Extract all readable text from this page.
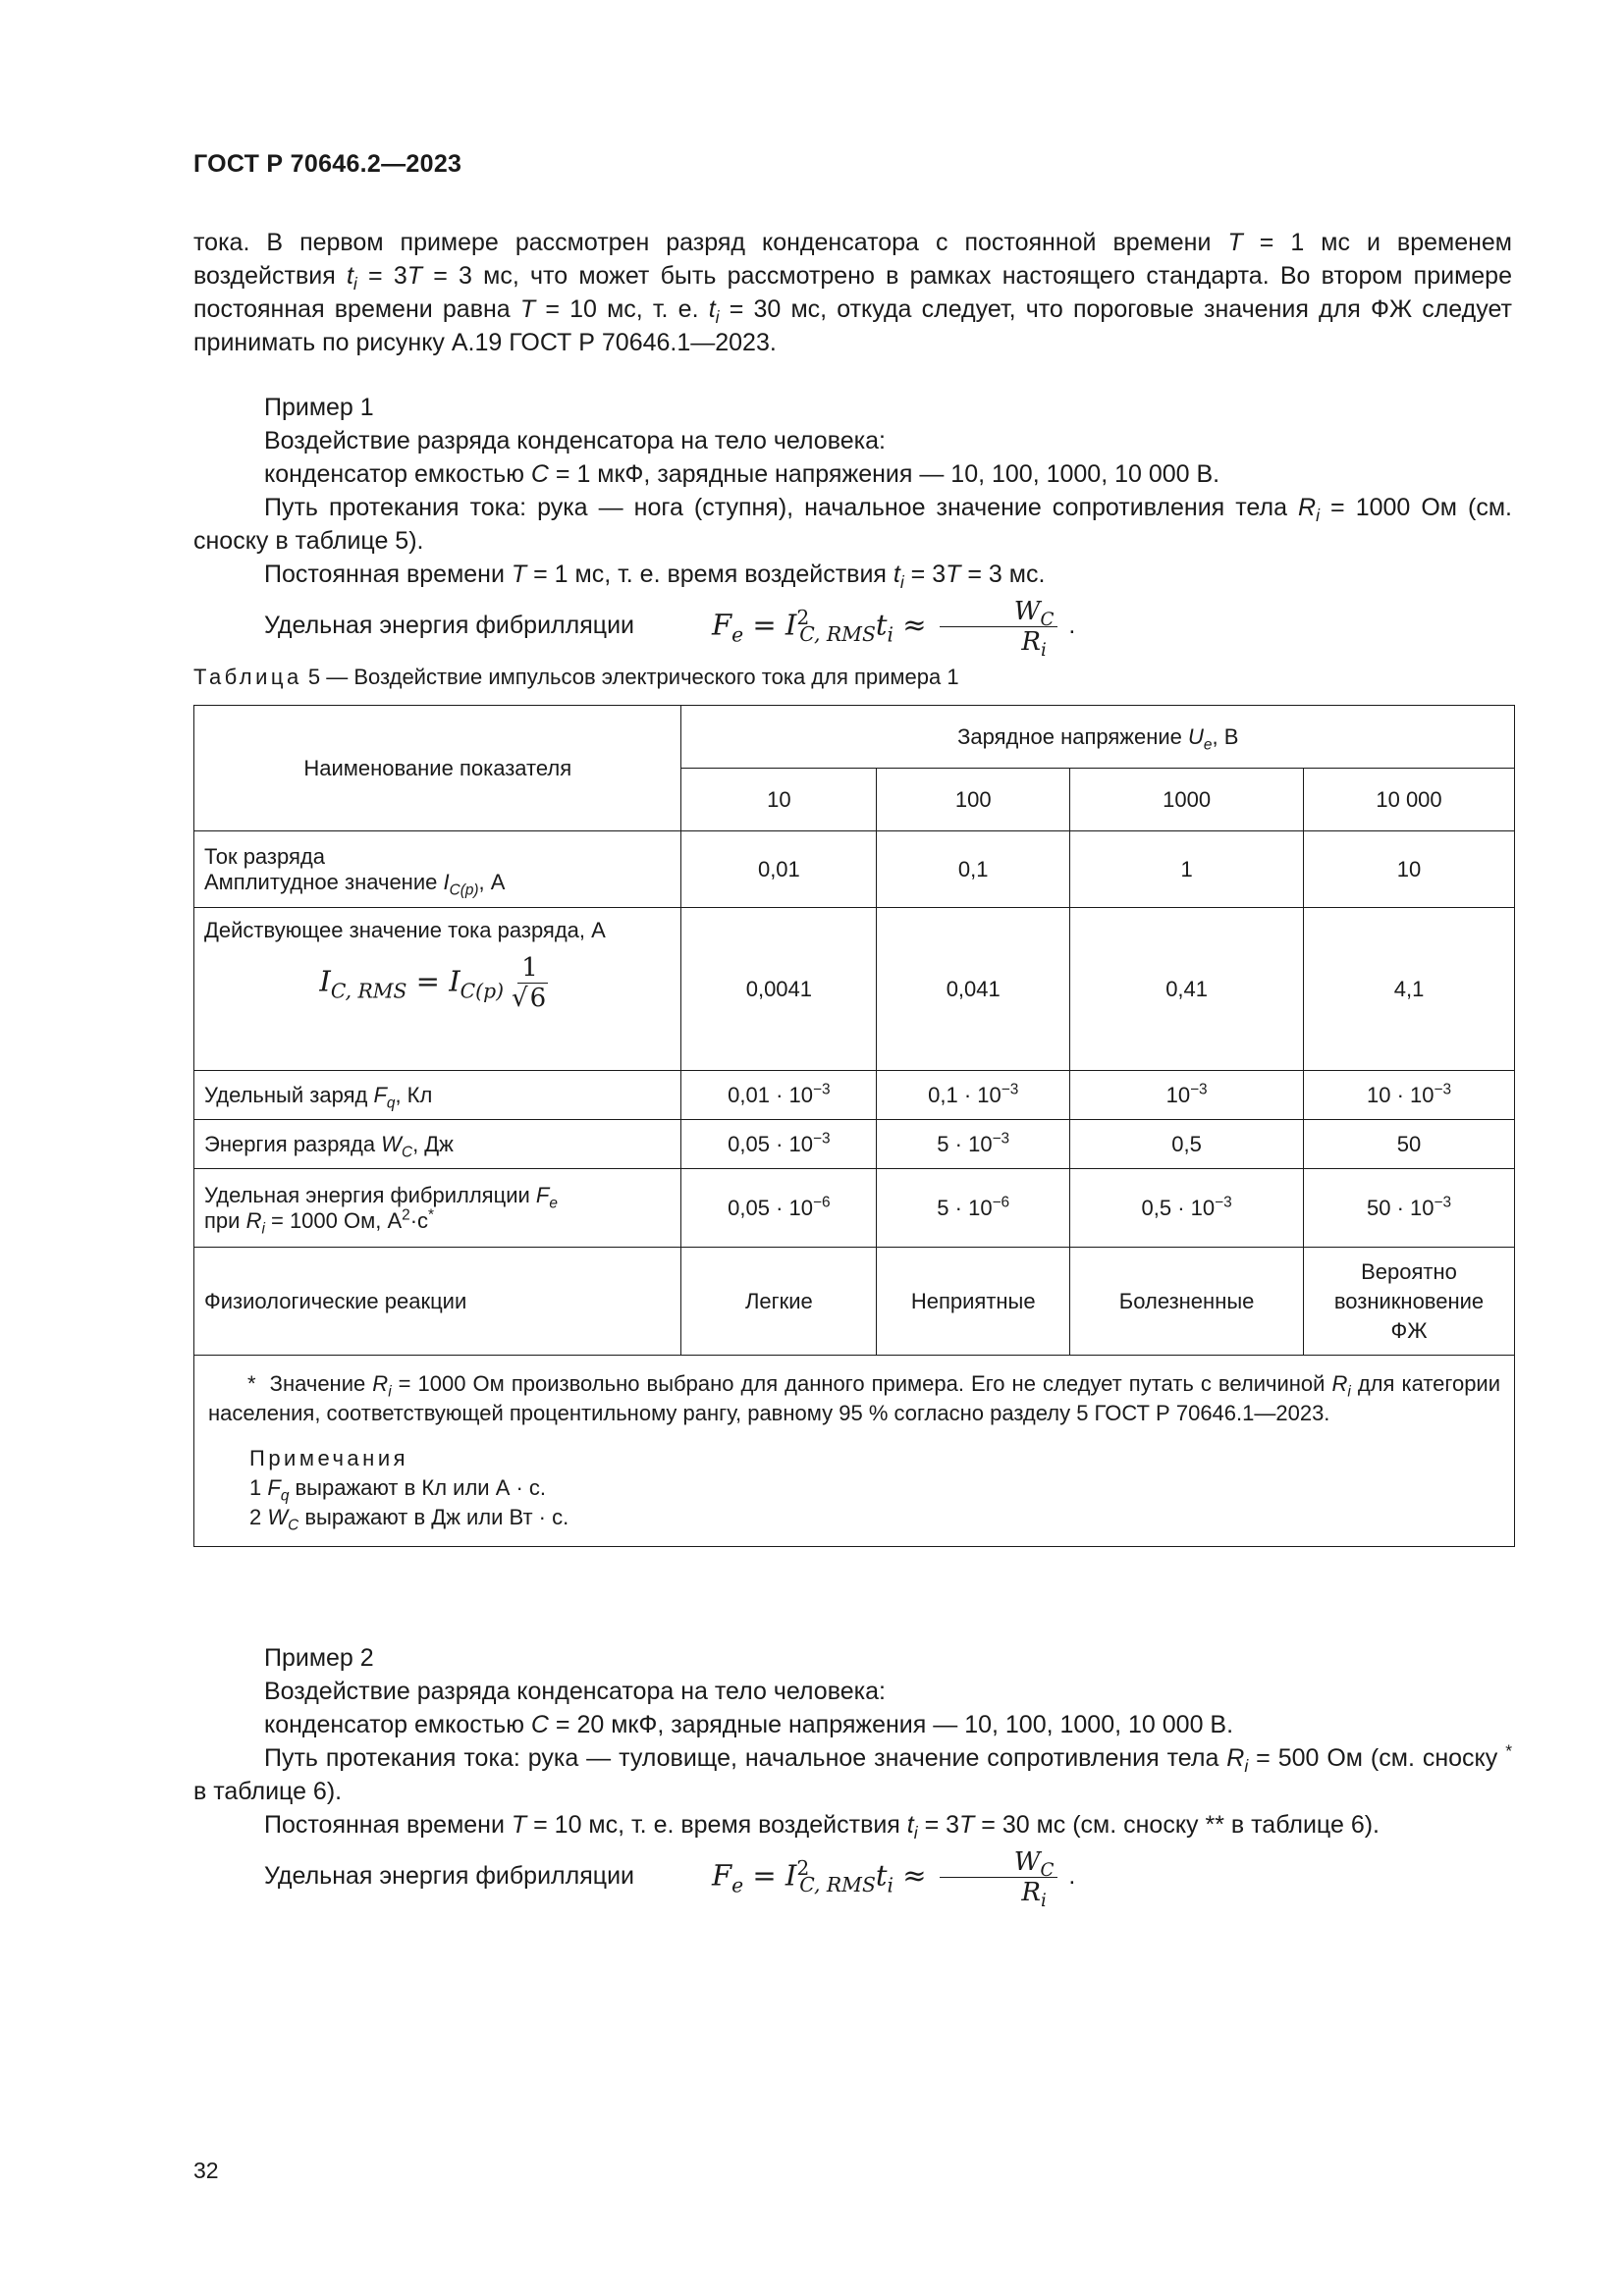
ГОСТ Р 70646.2—2023

тока. В первом примере рассмотрен разряд конденсатора с постоянной времени T = 1 мс и временем воздействия $t_i = 3T = 3$ мс, что может быть рассмотрено в рамках настоящего стандарта. Во втором примере постоянная времени равна T = 10 мс, т. е. $t_i = 30$ мс, откуда следует, что пороговые значения для ФЖ следует принимать по рисунку А.19 ГОСТ Р 70646.1—2023.

Пример 1

Воздействие разряда конденсатора на тело человека:

конденсатор емкостью C = 1 мкФ, зарядные напряжения — 10, 100, 1000, 10 000 В.

Путь протекания тока: рука — нога (ступня), начальное значение сопротивления тела $R_i = 1000$ Ом (см. сноску в таблице 5).

Постоянная времени T = 1 мс, т. е. время воздействия $t_i = 3T = 3$ мс.

Удельная энергия фибрилляции	$F_e = I^2_{C, RMS}t_i \approx \frac{W_C}{R_i}$ .

Таблица 5 — Воздействие импульсов электрического тока для примера 1
Наименование показателя	Зарядное напряжение $U_e$, В			
	10	100	1000	10 000
Ток разряда
Амплитудное значение $I_{C(p)}$, А	0,01	0,1	1	10

Действующее значение тока разряда, А
$I_{C, RMS} = I_{C(p)} \frac{1}{√6}$	0,0041	0,041	0,41	4,1
Удельный заряд $F_q$, Кл	$0,01 \cdot 10^{-3}$	$0,1 \cdot 10^{-3}$	$10^{-3}$	$10 \cdot 10^{-3}$
Энергия разряда $W_C$, Дж	$0,05 \cdot 10^{-3}$	$5 \cdot 10^{-3}$	0,5	50
Удельная энергия фибрилляции $F_e$
при $R_i = 1000$ Ом, $А^2\cdot с^*$	$0,05 \cdot 10^{-6}$	$5 \cdot 10^{-6}$	$0,5 \cdot 10^{-3}$	$50 \cdot 10^{-3}$
Физиологические реакции	Легкие	Неприятные	Болезненные	Вероятно возникновение ФЖ

*  Значение $R_i = 1000$ Ом произвольно выбрано для данного примера. Его не следует путать с величиной $R_i$ для категории населения, соответствующей процентильному рангу, равному 95 % согласно разделу 5 ГОСТ Р 70646.1—2023.

Примечания

1 $F_q$ выражают в Кл или А · с.

2 $W_C$ выражают в Дж или Вт · с.				

Пример 2

Воздействие разряда конденсатора на тело человека:

конденсатор емкостью C = 20 мкФ, зарядные напряжения — 10, 100, 1000, 10 000 В.

Путь протекания тока: рука — туловище, начальное значение сопротивления тела $R_i = 500$ Ом (см. сноску * в таблице 6).

Постоянная времени T = 10 мс, т. е. время воздействия $t_i = 3T = 30$ мс (см. сноску ** в таблице 6).

Удельная энергия фибрилляции	$F_e = I^2_{C, RMS}t_i \approx \frac{W_C}{R_i}$ .

32
